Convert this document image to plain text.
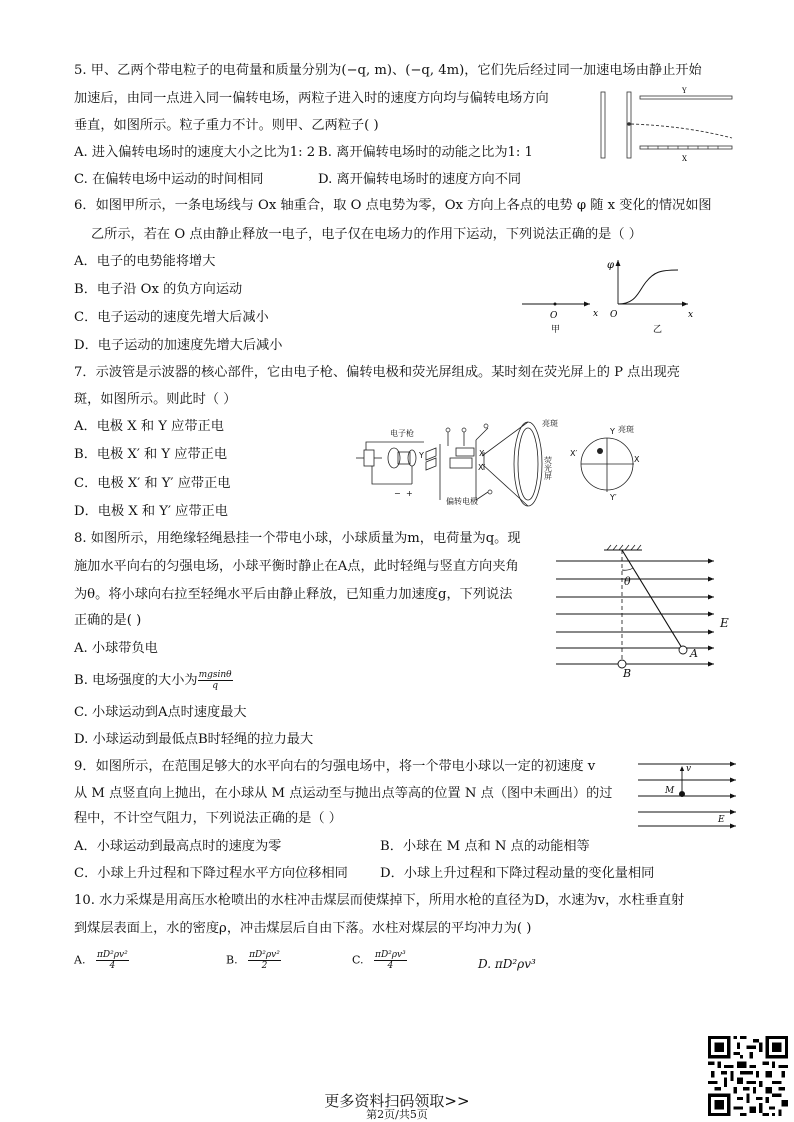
5. 甲、乙两个带电粒子的电荷量和质量分别为(−q, m)、(−q, 4m)，它们先后经过同一加速电场由静止开始
加速后，由同一点进入同一偏转电场，两粒子进入时的速度方向均与偏转电场方向
垂直，如图所示。粒子重力不计。则甲、乙两粒子( )
A. 进入偏转电场时的速度大小之比为1: 2 B. 离开偏转电场时的动能之比为1: 1
C. 在偏转电场中运动的时间相同	D. 离开偏转电场时的速度方向不同
Y
X
6．如图甲所示，一条电场线与 Ox 轴重合，取 O 点电势为零，Ox 方向上各点的电势 φ 随 x 变化的情况如图
乙所示，若在 O 点由静止释放一电子，电子仅在电场力的作用下运动，下列说法正确的是（ ）
A．电子的电势能将增大
B．电子沿 Ox 的负方向运动
C．电子运动的速度先增大后减小
D．电子运动的加速度先增大后减小
O	x
甲
φ
O	x
乙
7．示波管是示波器的核心部件，它由电子枪、偏转电极和荧光屏组成。某时刻在荧光屏上的 P 点出现亮
斑，如图所示。则此时（ ）
A．电极 X 和 Y 应带正电
B．电极 X′ 和 Y 应带正电
C．电极 X′ 和 Y′ 应带正电
D．电极 X 和 Y′ 应带正电
电子枪
亮斑
亮斑
荧光屏
偏转电极
Y	X
X′
Y
Y′
X
X′
− +
8. 如图所示，用绝缘轻绳悬挂一个带电小球，小球质量为m，电荷量为q。现
施加水平向右的匀强电场，小球平衡时静止在A点，此时轻绳与竖直方向夹角
为θ。将小球向右拉至轻绳水平后由静止释放，已知重力加速度g，下列说法
正确的是( )
A. 小球带负电
B. 电场强度的大小为 $\frac{mgsin\theta}{q}$
C. 小球运动到A点时速度最大
D. 小球运动到最低点B时轻绳的拉力最大
θ
A
B
E
9．如图所示，在范围足够大的水平向右的匀强电场中，将一个带电小球以一定的初速度 v
从 M 点竖直向上抛出，在小球从 M 点运动至与抛出点等高的位置 N 点（图中未画出）的过
程中，不计空气阻力，下列说法正确的是（ ）
A．小球运动到最高点时的速度为零	B．小球在 M 点和 N 点的动能相等
C．小球上升过程和下降过程水平方向位移相同 D．小球上升过程和下降过程动量的变化量相同
v
M
E
10. 水力采煤是用高压水枪喷出的水柱冲击煤层而使煤掉下，所用水枪的直径为D，水速为v，水柱垂直射
到煤层表面上，水的密度ρ，冲击煤层后自由下落。水柱对煤层的平均冲力为( )
A. $\frac{\text{πD²ρv²}}{4}$	B. $\frac{\text{πD²ρv²}}{2}$	C. $\frac{\text{πD²ρv³}}{4}$	D. πD²ρv³
更多资料扫码领取>>
第2页/共5页
